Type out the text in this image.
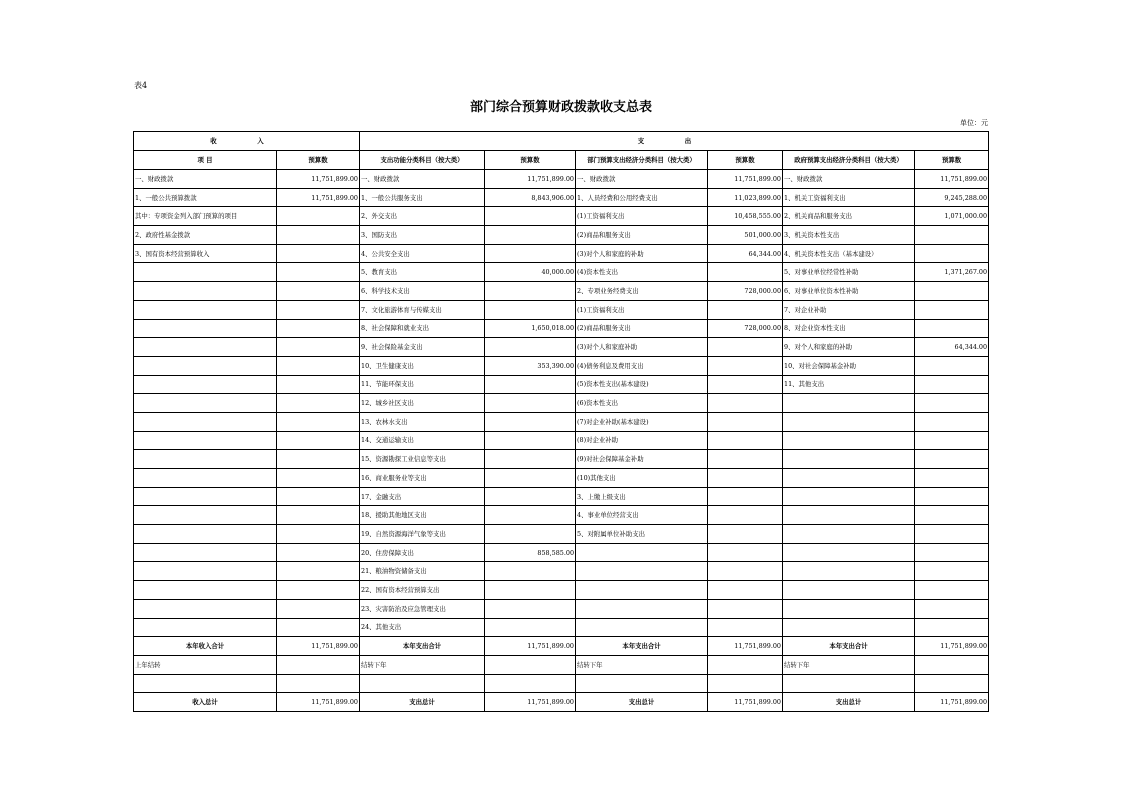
表4
部门综合预算财政拨款收支总表
单位：元
收 入		支 出					
项 目	预算数	支出功能分类科目（按大类）	预算数	部门预算支出经济分类科目（按大类）	预算数	政府预算支出经济分类科目（按大类）	预算数
一、财政拨款	11,751,899.00	一、财政拨款	11,751,899.00	一、财政拨款	11,751,899.00	一、财政拨款	11,751,899.00
1、一般公共预算拨款	11,751,899.00	1、一般公共服务支出	8,843,906.00	1、人员经费和公用经费支出	11,023,899.00	1、机关工资福利支出	9,245,288.00
其中：专项资金列入部门预算的项目		2、外交支出		(1)工资福利支出	10,458,555.00	2、机关商品和服务支出	1,071,000.00
2、政府性基金拨款		3、国防支出		(2)商品和服务支出	501,000.00	3、机关资本性支出	
3、国有资本经营预算收入		4、公共安全支出		(3)对个人和家庭的补助	64,344.00	4、机关资本性支出（基本建设）	
		5、教育支出	40,000.00	(4)资本性支出		5、对事业单位经常性补助	1,371,267.00
		6、科学技术支出		2、专项业务经费支出	728,000.00	6、对事业单位资本性补助	
		7、文化旅游体育与传媒支出		(1)工资福利支出		7、对企业补助	
		8、社会保障和就业支出	1,650,018.00	(2)商品和服务支出	728,000.00	8、对企业资本性支出	
		9、社会保险基金支出		(3)对个人和家庭补助		9、对个人和家庭的补助	64,344.00
		10、卫生健康支出	353,390.00	(4)债务利息及费用支出		10、对社会保障基金补助	
		11、节能环保支出		(5)资本性支出(基本建设)		11、其他支出	
		12、城乡社区支出		(6)资本性支出			
		13、农林水支出		(7)对企业补助(基本建设)			
		14、交通运输支出		(8)对企业补助			
		15、资源勘探工业信息等支出		(9)对社会保障基金补助			
		16、商业服务业等支出		(10)其他支出			
		17、金融支出		3、上缴上级支出			
		18、援助其他地区支出		4、事业单位经营支出			
		19、自然资源海洋气象等支出		5、对附属单位补助支出			
		20、住房保障支出	858,585.00				
		21、粮油物资储备支出					
		22、国有资本经营预算支出					
		23、灾害防治及应急管理支出					
		24、其他支出					
本年收入合计	11,751,899.00	本年支出合计	11,751,899.00	本年支出合计	11,751,899.00	本年支出合计	11,751,899.00
上年结转		结转下年		结转下年		结转下年	

收入总计	11,751,899.00	支出总计	11,751,899.00	支出总计	11,751,899.00	支出总计	11,751,899.00
